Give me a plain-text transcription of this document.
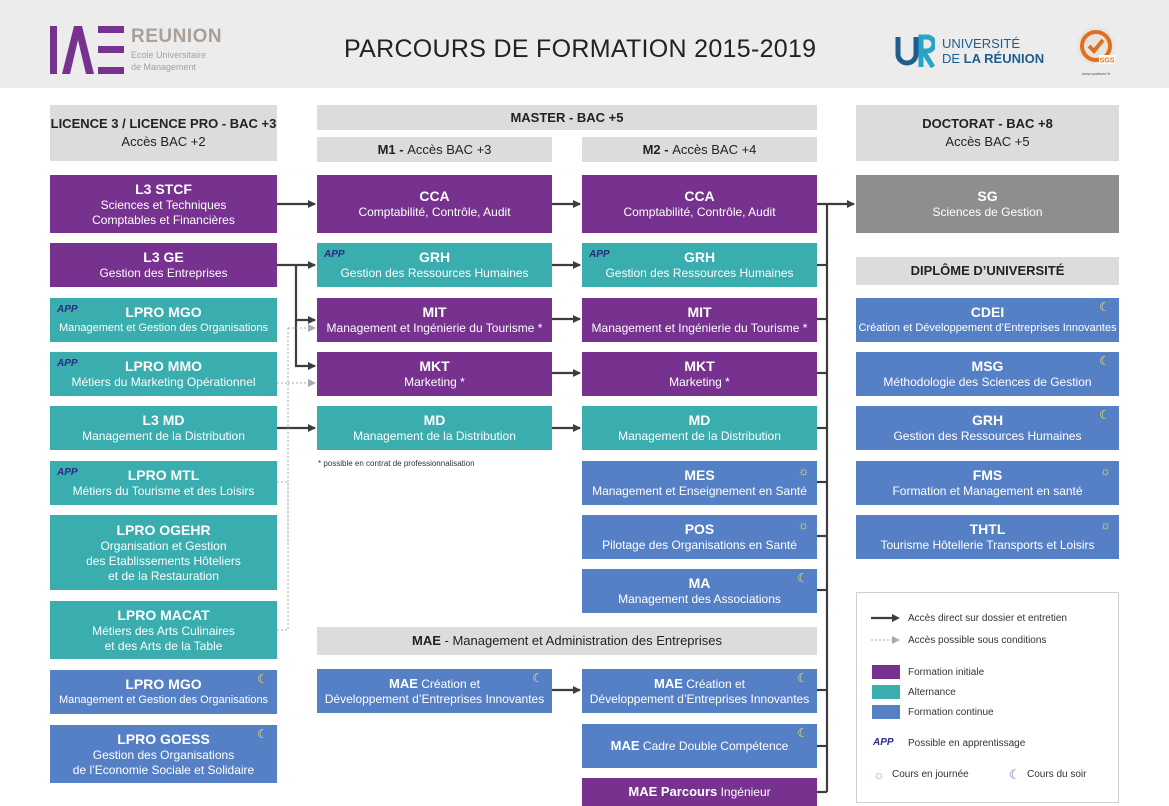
REUNION
Ecole Universitaire
de Management
PARCOURS DE FORMATION 2015-2019	UNIVERSITÉ
DE LA RÉUNION	SGS
www.qualicert.fr
LICENCE 3 / LICENCE PRO - BAC +3
Accès BAC +2
MASTER - BAC +5
M1 - Accès BAC +3	M2 - Accès BAC +4
DOCTORAT - BAC +8
Accès BAC +5
DIPLÔME D’UNIVERSITÉ
MAE - Management et Administration des Entreprises
L3 STCF
Sciences et Techniques
Comptables et Financières
L3 GE
Gestion des Entreprises
APP	LPRO MGO
Management et Gestion des Organisations
APP	LPRO MMO
Métiers du Marketing Opérationnel
L3 MD
Management de la Distribution
APP	LPRO MTL
Métiers du Tourisme et des Loisirs
LPRO OGEHR
Organisation et Gestion
des Etablissements Hôteliers
et de la Restauration
LPRO MACAT
Métiers des Arts Culinaires
et des Arts de la Table
☾
LPRO MGO
Management et Gestion des Organisations
☾
LPRO GOESS
Gestion des Organisations
de l’Economie Sociale et Solidaire
CCA
Comptabilité, Contrôle, Audit
APP	GRH
Gestion des Ressources Humaines
MIT
Management et Ingénierie du Tourisme *
MKT
Marketing *
MD
Management de la Distribution
* possible en contrat de professionnalisation
CCA
Comptabilité, Contrôle, Audit
APP	GRH
Gestion des Ressources Humaines
MIT
Management et Ingénierie du Tourisme *
MKT
Marketing *
MD
Management de la Distribution
☼
MES
Management et Enseignement en Santé
☼
POS
Pilotage des Organisations en Santé
☾
MA
Management des Associations
☾
MAE Création et
Développement d’Entreprises Innovantes
☾
MAE Création et
Développement d’Entreprises Innovantes
☾
MAE Cadre Double Compétence
MAE Parcours Ingénieur
SG
Sciences de Gestion
☾
CDEI
Création et Développement d’Entreprises Innovantes
☾
MSG
Méthodologie des Sciences de Gestion
☾
GRH
Gestion des Ressources Humaines
☼
FMS
Formation et Management en santé
☼
THTL
Tourisme Hôtellerie Transports et Loisirs
Accès direct sur dossier et entretien
Accès possible sous conditions
Formation initiale
Alternance
Formation continue
APP Possible en apprentissage
☼ Cours en journée	☾ Cours du soir
